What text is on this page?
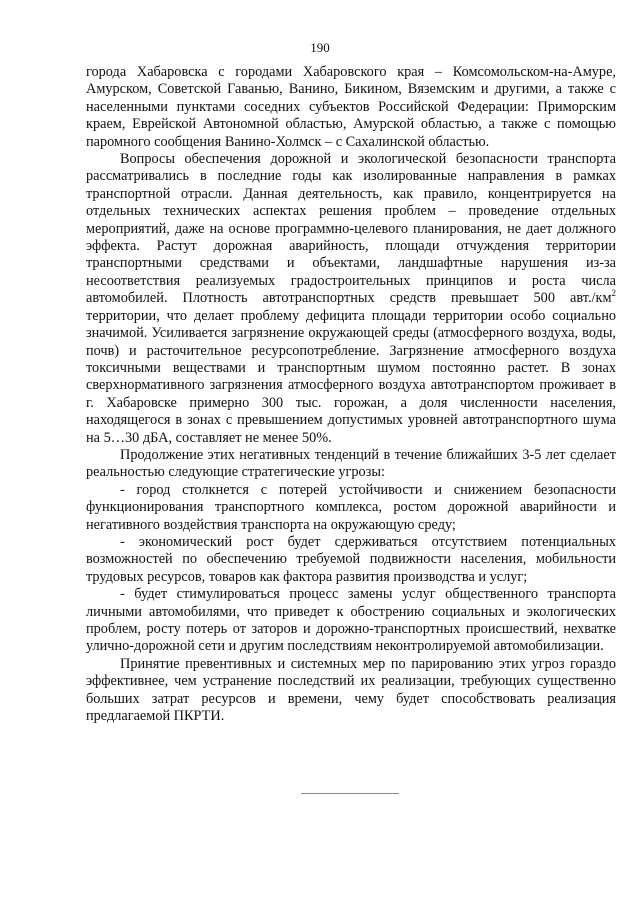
190

города Хабаровска с городами Хабаровского края – Комсомольском-на-Амуре, Амурском, Советской Гаванью, Ванино, Бикином, Вяземским и другими, а также с населенными пунктами соседних субъектов Российской Федерации: Приморским краем, Еврейской Автономной областью, Амурской областью, а также с помощью паромного сообщения Ванино-Холмск – с Сахалинской областью.

Вопросы обеспечения дорожной и экологической безопасности транспорта рассматривались в последние годы как изолированные направления в рамках транспортной отрасли. Данная деятельность, как правило, концентрируется на отдельных технических аспектах решения проблем – проведение отдельных мероприятий, даже на основе программно-целевого планирования, не дает должного эффекта. Растут дорожная аварийность, площади отчуждения территории транспортными средствами и объектами, ландшафтные нарушения из-за несоответствия реализуемых градостроительных принципов и роста числа автомобилей. Плотность автотранспортных средств превышает 500 $авт./км^2$ территории, что делает проблему дефицита площади территории особо социально значимой. Усиливается загрязнение окружающей среды (атмосферного воздуха, воды, почв) и расточительное ресурсопотребление. Загрязнение атмосферного воздуха токсичными веществами и транспортным шумом постоянно растет. В зонах сверхнормативного загрязнения атмосферного воздуха автотранспортом проживает в г. Хабаровске примерно 300 тыс. горожан, а доля численности населения, находящегося в зонах с превышением допустимых уровней автотранспортного шума на 5…30 дБА, составляет не менее 50%.

Продолжение этих негативных тенденций в течение ближайших 3-5 лет сделает реальностью следующие стратегические угрозы:

- город столкнется с потерей устойчивости и снижением безопасности функционирования транспортного комплекса, ростом дорожной аварийности и негативного воздействия транспорта на окружающую среду;

- экономический рост будет сдерживаться отсутствием потенциальных возможностей по обеспечению требуемой подвижности населения, мобильности трудовых ресурсов, товаров как фактора развития производства и услуг;

- будет стимулироваться процесс замены услуг общественного транспорта личными автомобилями, что приведет к обострению социальных и экологических проблем, росту потерь от заторов и дорожно-транспортных происшествий, нехватке улично-дорожной сети и другим последствиям неконтролируемой автомобилизации.

Принятие превентивных и системных мер по парированию этих угроз гораздо эффективнее, чем устранение последствий их реализации, требующих существенно больших затрат ресурсов и времени, чему будет способствовать реализация предлагаемой ПКРТИ.
